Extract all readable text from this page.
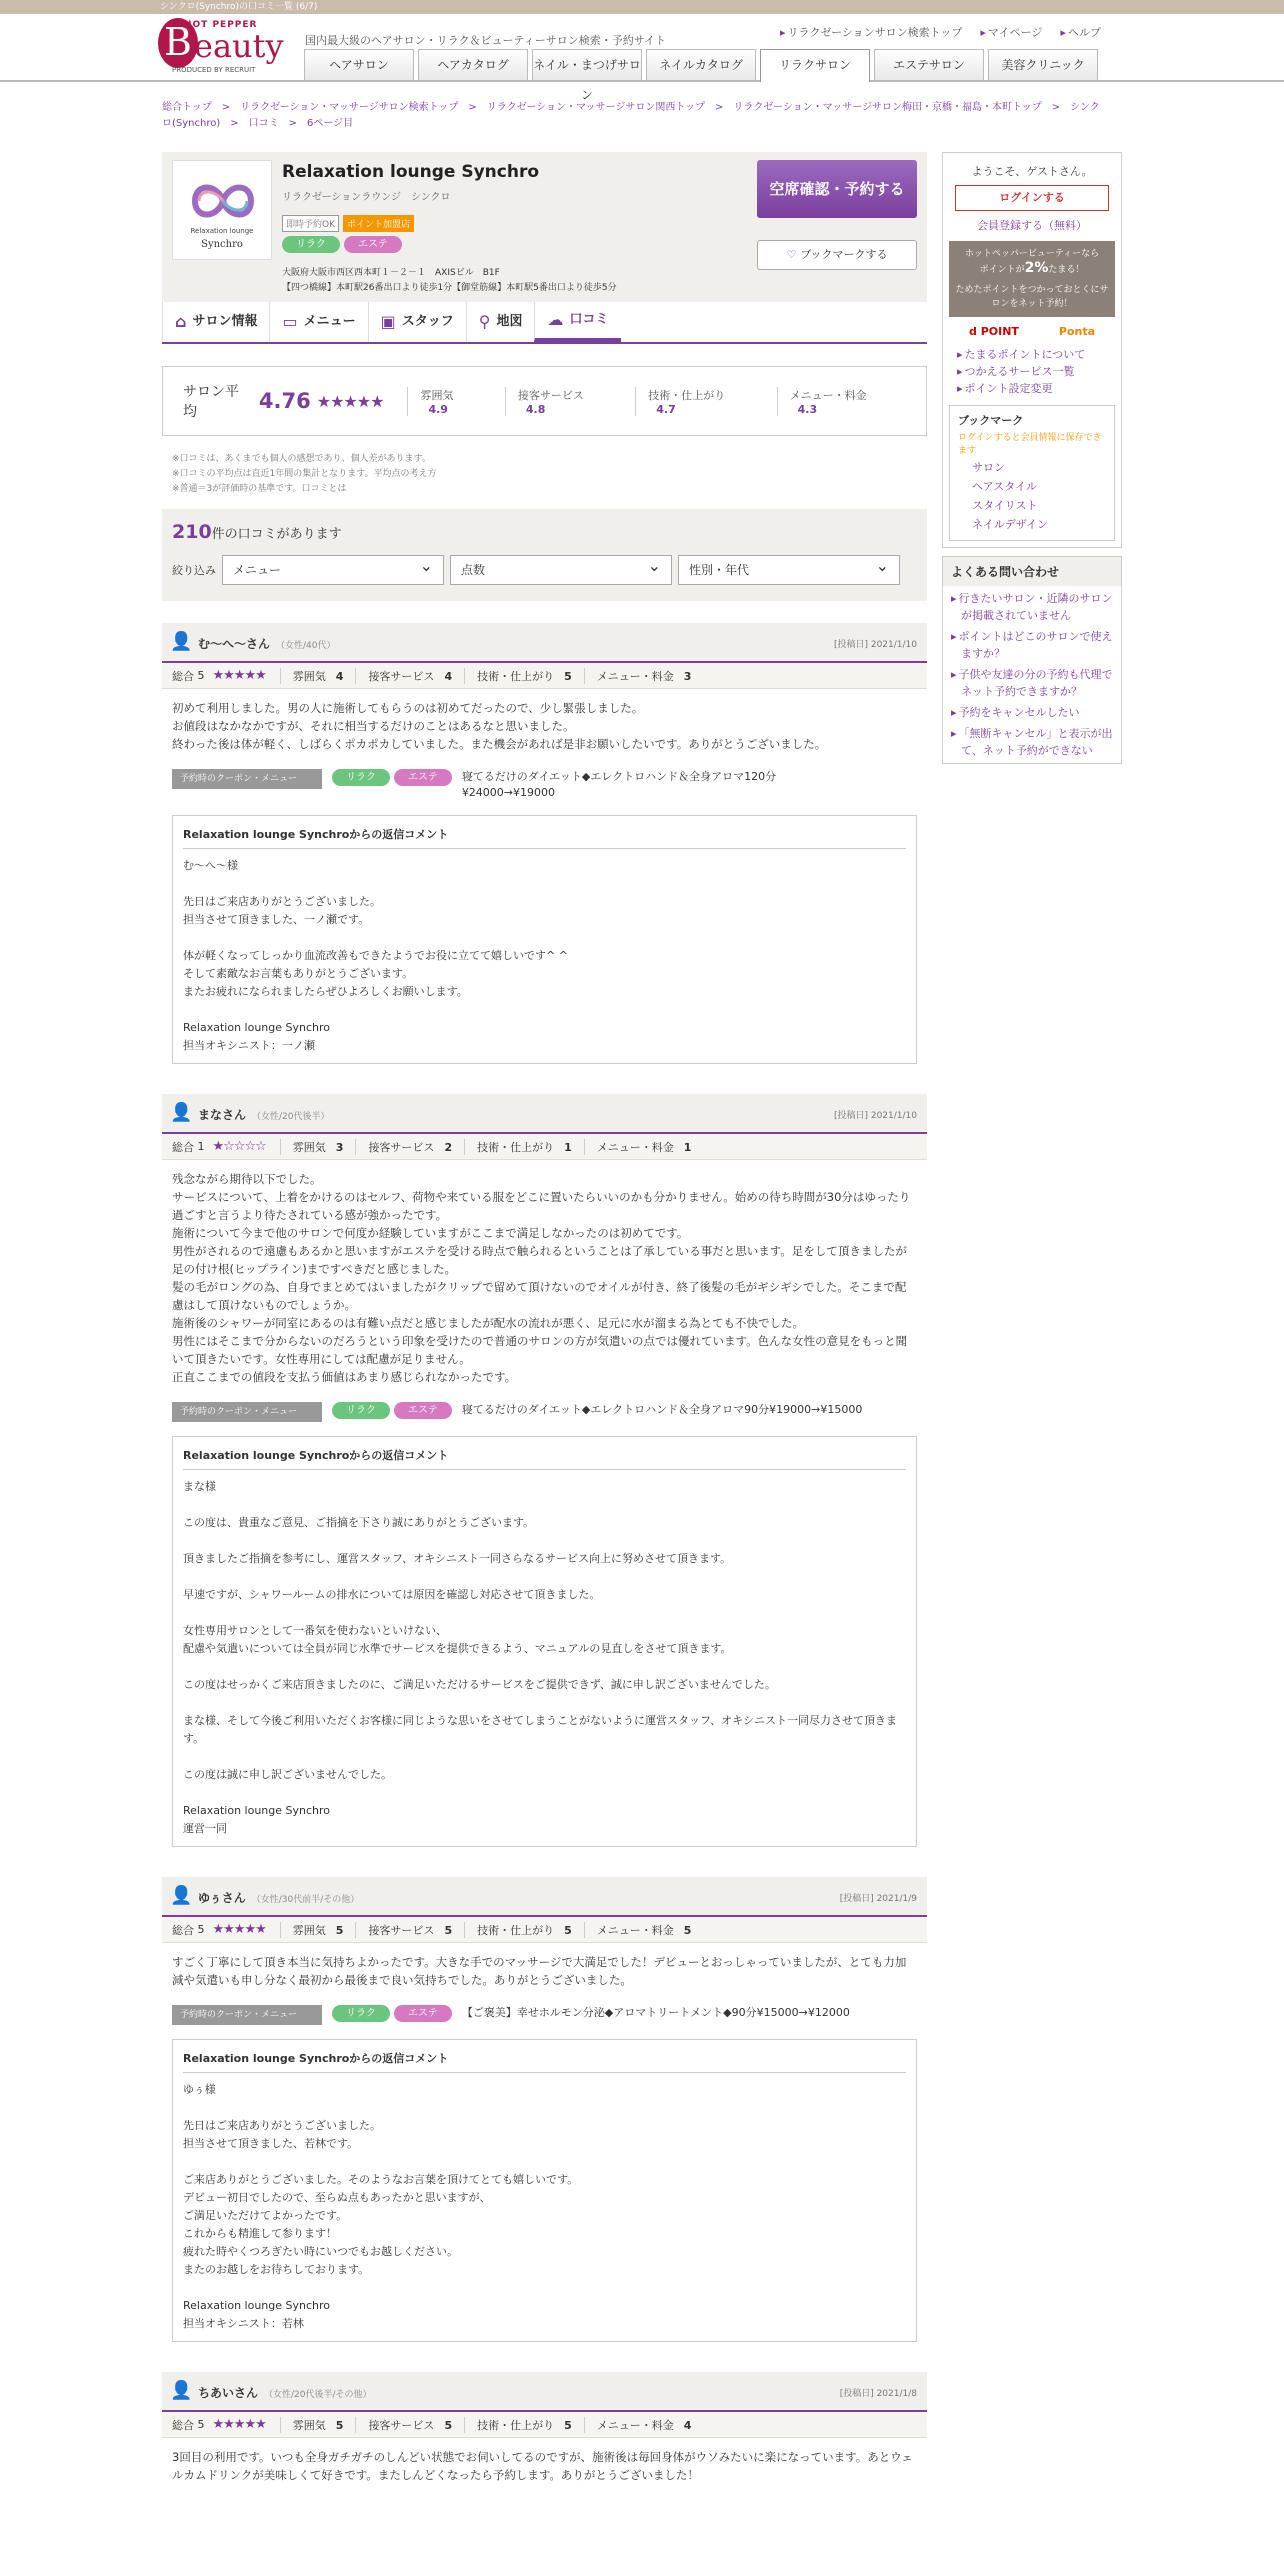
シンクロ(Synchro)の口コミ一覧 (6/7)
B
HOT PEPPER
eauty
PRODUCED BY RECRUIT
国内最大級のヘアサロン・リラク＆ビューティーサロン検索・予約サイト
▸ リラクゼーションサロン検索トップ	▸ マイページ	▸ ヘルプ
ヘアサロン	ヘアカタログ	ネイル・まつげサロン
ネイルカタログ	リラクサロン	エステサロン	美容クリニック
総合トップ　>　リラクゼーション・マッサージサロン検索トップ　>　リラクゼーション・マッサージサロン関西トップ　>　リラクゼーション・マッサージサロン梅田・京橋・福島・本町トップ　>　シンクロ(Synchro)　>　口コミ　>　6ページ目
Relaxation lounge
Synchro
Relaxation lounge Synchro
リラクゼーションラウンジ　シンクロ
即時予約OK	ポイント加盟店
リラク	エステ
大阪府大阪市西区西本町１－２－１　AXISビル　B1F
【四つ橋線】本町駅26番出口より徒歩1分【御堂筋線】本町駅5番出口より徒歩5分
空席確認・予約する
♡ ブックマークする
⌂ サロン情報 ▭ メニュー ▣ スタッフ ⚲ 地図 ☁ 口コミ
サロン平均	4.76 ★★★★★	雰囲気4.9
接客サービス4.8
技術・仕上がり4.7
メニュー・料金4.3
※口コミは、あくまでも個人の感想であり、個人差があります。
※口コミの平均点は直近1年間の集計となります。平均点の考え方
※普通＝3が評価時の基準です。口コミとは
210件の口コミがあります
絞り込み	メニュー ⌄	点数 ⌄	性別・年代 ⌄
👤 む〜へ〜さん （女性/40代）	[投稿日] 2021/1/10
総合
5 ★★★★★	雰囲気 4	接客サービス 4	技術・仕上がり 5	メニュー・料金 3
初めて利用しました。男の人に施術してもらうのは初めてだったので、少し緊張しました。
お値段はなかなかですが、それに相当するだけのことはあるなと思いました。
終わった後は体が軽く、しばらくポカポカしていました。また機会があれば是非お願いしたいです。ありがとうございました。
予約時のクーポン・メニュー	リラク	エステ	寝てるだけのダイエット◆エレクトロハンド＆全身アロマ120分
¥24000→¥19000
Relaxation lounge Synchroからの返信コメント
む〜へ〜様

先日はご来店ありがとうございました。
担当させて頂きました、一ノ瀬です。

体が軽くなってしっかり血流改善もできたようでお役に立てて嬉しいです^ ^
そして素敵なお言葉もありがとうございます。
またお疲れになられましたらぜひよろしくお願いします。

Relaxation lounge Synchro
担当オキシニスト：一ノ瀬
👤 まなさん （女性/20代後半）	[投稿日] 2021/1/10
総合
1 ★☆☆☆☆	雰囲気 3	接客サービス 2	技術・仕上がり 1	メニュー・料金 1
残念ながら期待以下でした。
サービスについて、上着をかけるのはセルフ、荷物や来ている服をどこに置いたらいいのかも分かりません。始めの待ち時間が30分はゆったり過ごすと言うより待たされている感が強かったです。
施術について今まで他のサロンで何度か経験していますがここまで満足しなかったのは初めてです。
男性がされるので遠慮もあるかと思いますがエステを受ける時点で触られるということは了承している事だと思います。足をして頂きましたが足の付け根(ヒップライン)まですべきだと感じました。
髪の毛がロングの為、自身でまとめてはいましたがクリップで留めて頂けないのでオイルが付き、終了後髪の毛がギシギシでした。そこまで配慮はして頂けないものでしょうか。
施術後のシャワーが同室にあるのは有難い点だと感じましたが配水の流れが悪く、足元に水が溜まる為とても不快でした。
男性にはそこまで分からないのだろうという印象を受けたので普通のサロンの方が気遣いの点では優れています。色んな女性の意見をもっと聞いて頂きたいです。女性専用にしては配慮が足りません。
正直ここまでの値段を支払う価値はあまり感じられなかったです。
予約時のクーポン・メニュー	リラク	エステ	寝てるだけのダイエット◆エレクトロハンド＆全身アロマ90分¥19000→¥15000
Relaxation lounge Synchroからの返信コメント
まな様

この度は、貴重なご意見、ご指摘を下さり誠にありがとうございます。

頂きましたご指摘を参考にし、運営スタッフ、オキシニスト一同さらなるサービス向上に努めさせて頂きます。

早速ですが、シャワールームの排水については原因を確認し対応させて頂きました。

女性専用サロンとして一番気を使わないといけない、
配慮や気遣いについては全員が同じ水準でサービスを提供できるよう、マニュアルの見直しをさせて頂きます。

この度はせっかくご来店頂きましたのに、ご満足いただけるサービスをご提供できず、誠に申し訳ございませんでした。

まな様、そして今後ご利用いただくお客様に同じような思いをさせてしまうことがないように運営スタッフ、オキシニスト一同尽力させて頂きます。

この度は誠に申し訳ございませんでした。

Relaxation lounge Synchro
運営一同
👤 ゆぅさん （女性/30代前半/その他）	[投稿日] 2021/1/9
総合
5 ★★★★★	雰囲気 5	接客サービス 5	技術・仕上がり 5	メニュー・料金 5
すごく丁寧にして頂き本当に気持ちよかったです。大きな手でのマッサージで大満足でした！デビューとおっしゃっていましたが、とても力加減や気遣いも申し分なく最初から最後まで良い気持ちでした。ありがとうございました。
予約時のクーポン・メニュー	リラク	エステ	【ご褒美】幸せホルモン分泌◆アロマトリートメント◆90分¥15000→¥12000
Relaxation lounge Synchroからの返信コメント
ゆぅ様

先日はご来店ありがとうございました。
担当させて頂きました、若林です。

ご来店ありがとうございました。そのようなお言葉を頂けてとても嬉しいです。
デビュー初日でしたので、至らぬ点もあったかと思いますが、
ご満足いただけてよかったです。
これからも精進して参ります！
疲れた時やくつろぎたい時にいつでもお越しください。
またのお越しをお待ちしております。

Relaxation lounge Synchro
担当オキシニスト：若林
👤 ちあいさん （女性/20代後半/その他）	[投稿日] 2021/1/8
総合
5 ★★★★★	雰囲気 5	接客サービス 5	技術・仕上がり 5	メニュー・料金 4
3回目の利用です。いつも全身ガチガチのしんどい状態でお伺いしてるのですが、施術後は毎回身体がウソみたいに楽になっています。あとウェルカムドリンクが美味しくて好きです。またしんどくなったら予約します。ありがとうございました！
ようこそ、ゲストさん。
ログインする
会員登録する（無料）
ホットペッパービューティーなら
ポイントが2%たまる！
ためたポイントをつかっておとくにサロンをネット予約！
d POINT	Ponta
▸ たまるポイントについて
▸ つかえるサービス一覧
▸ ポイント設定変更
ブックマーク
ログインすると会員情報に保存できます
サロン
ヘアスタイル
スタイリスト
ネイルデザイン
よくある問い合わせ
▸ 行きたいサロン・近隣のサロンが掲載されていません
▸ ポイントはどこのサロンで使えますか？
▸ 子供や友達の分の予約も代理でネット予約できますか？
▸ 予約をキャンセルしたい
▸ 「無断キャンセル」と表示が出て、ネット予約ができない
